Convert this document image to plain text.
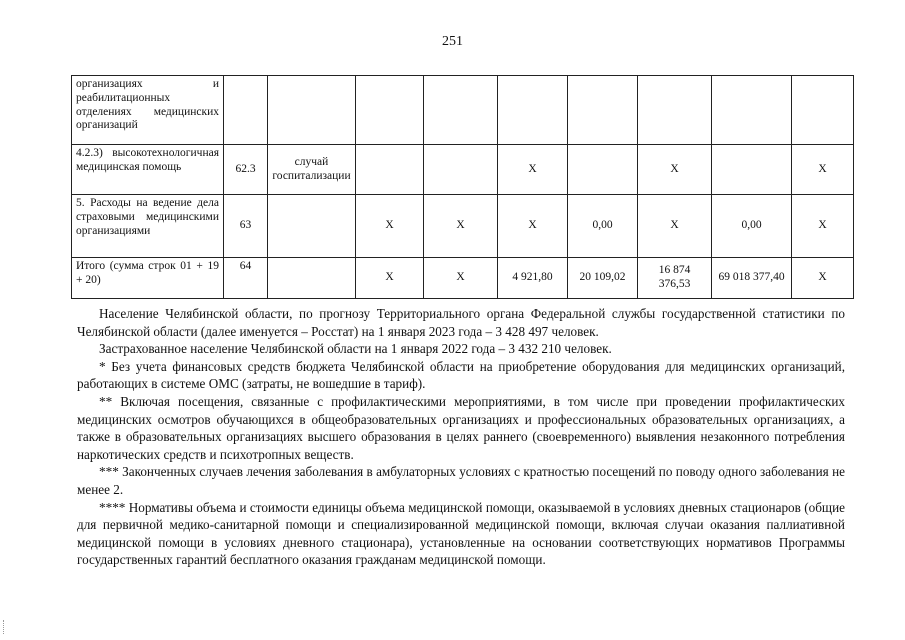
251
организациях и реабилитационных отделениях медицинских организаций									
4.2.3) высокотехнологичная медицинская помощь	62.3	случай госпитализации			X		X		X
5. Расходы на ведение дела страховыми медицинскими организациями	63		X	X	X	0,00	X	0,00	X
Итого (сумма строк 01 + 19 + 20)	64		X	X	4 921,80	20 109,02	16 874 376,53	69 018 377,40	X

Население Челябинской области, по прогнозу Территориального органа Федеральной службы государственной статистики по Челябинской области (далее именуется – Росстат) на 1 января 2023 года – 3 428 497 человек.

Застрахованное население Челябинской области на 1 января 2022 года – 3 432 210 человек.

* Без учета финансовых средств бюджета Челябинской области на приобретение оборудования для медицинских организаций, работающих в системе ОМС (затраты, не вошедшие в тариф).

** Включая посещения, связанные с профилактическими мероприятиями, в том числе при проведении профилактических медицинских осмотров обучающихся в общеобразовательных организациях и профессиональных образовательных организациях, а также в образовательных организациях высшего образования в целях раннего (своевременного) выявления незаконного потребления наркотических средств и психотропных веществ.

*** Законченных случаев лечения заболевания в амбулаторных условиях с кратностью посещений по поводу одного заболевания не менее 2.

**** Нормативы объема и стоимости единицы объема медицинской помощи, оказываемой в условиях дневных стационаров (общие для первичной медико-санитарной помощи и специализированной медицинской помощи, включая случаи оказания паллиативной медицинской помощи в условиях дневного стационара), установленные на основании соответствующих нормативов Программы государственных гарантий бесплатного оказания гражданам медицинской помощи.
